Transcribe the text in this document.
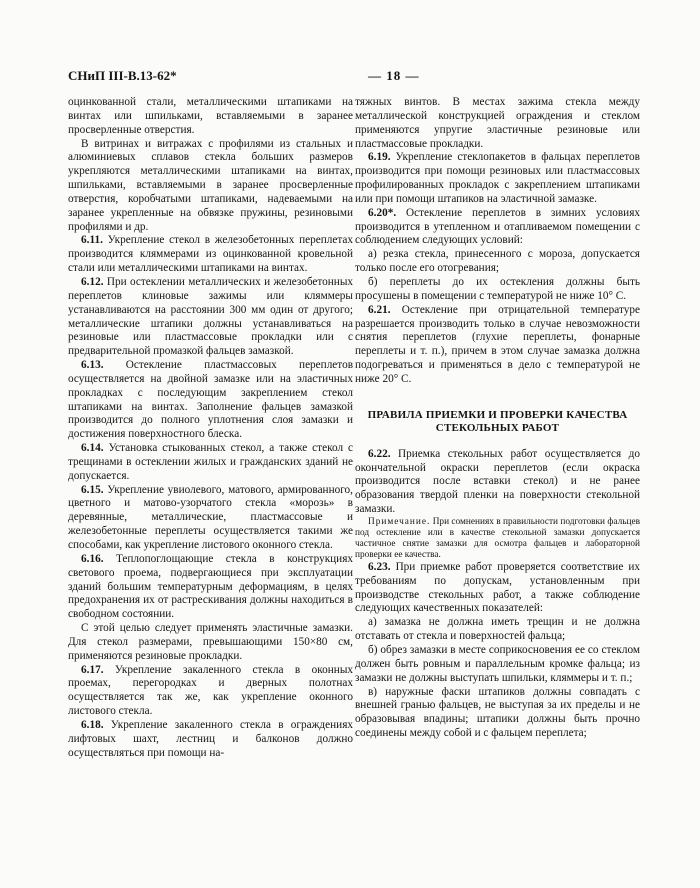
СНиП III-В.13-62*	— 18 —

оцинкованной стали, металлическими штапиками на винтах или шпильками, вставляемыми в заранее просверленные отверстия.

В витринах и витражах с профилями из стальных и алюминиевых сплавов стекла больших размеров укрепляются металлическими штапиками на винтах, шпильками, вставляемыми в заранее просверленные отверстия, коробчатыми штапиками, надеваемыми на заранее укрепленные на обвязке пружины, резиновыми профилями и др.

6.11. Укрепление стекол в железобетонных переплетах производится кляммерами из оцинкованной кровельной стали или металлическими штапиками на винтах.

6.12. При остеклении металлических и железобетонных переплетов клиновые зажимы или кляммеры устанавливаются на расстоянии 300 мм один от другого; металлические штапики должны устанавливаться на резиновые или пластмассовые прокладки или с предварительной промазкой фальцев замазкой.

6.13. Остекление пластмассовых переплетов осуществляется на двойной замазке или на эластичных прокладках с последующим закреплением стекол штапиками на винтах. Заполнение фальцев замазкой производится до полного уплотнения слоя замазки и достижения поверхностного блеска.

6.14. Установка стыкованных стекол, а также стекол с трещинами в остеклении жилых и гражданских зданий не допускается.

6.15. Укрепление увиолевого, матового, армированного, цветного и матово-узорчатого стекла «морозь» в деревянные, металлические, пластмассовые и железобетонные переплеты осуществляется такими же способами, как укрепление листового оконного стекла.

6.16. Теплопоглощающие стекла в конструкциях светового проема, подвергающиеся при эксплуатации зданий большим температурным деформациям, в целях предохранения их от растрескивания должны находиться в свободном состоянии.

С этой целью следует применять эластичные замазки. Для стекол размерами, превышающими 150×80 см, применяются резиновые прокладки.

6.17. Укрепление закаленного стекла в оконных проемах, перегородках и дверных полотнах осуществляется так же, как укрепление оконного листового стекла.

6.18. Укрепление закаленного стекла в ограждениях лифтовых шахт, лестниц и балконов должно осуществляться при помощи на-

тяжных винтов. В местах зажима стекла между металлической конструкцией ограждения и стеклом применяются упругие эластичные резиновые или пластмассовые прокладки.

6.19. Укрепление стеклопакетов в фальцах переплетов производится при помощи резиновых или пластмассовых профилированных прокладок с закреплением штапиками или при помощи штапиков на эластичной замазке.

6.20*. Остекление переплетов в зимних условиях производится в утепленном и отапливаемом помещении с соблюдением следующих условий:

а) резка стекла, принесенного с мороза, допускается только после его отогревания;

б) переплеты до их остекления должны быть просушены в помещении с температурой не ниже 10° С.

6.21. Остекление при отрицательной температуре разрешается производить только в случае невозможности снятия переплетов (глухие переплеты, фонарные переплеты и т. п.), причем в этом случае замазка должна подогреваться и применяться в дело с температурой не ниже 20° С.

ПРАВИЛА ПРИЕМКИ И ПРОВЕРКИ КАЧЕСТВА СТЕКОЛЬНЫХ РАБОТ

6.22. Приемка стекольных работ осуществляется до окончательной окраски переплетов (если окраска производится после вставки стекол) и не ранее образования твердой пленки на поверхности стекольной замазки.

Примечание. При сомнениях в правильности подготовки фальцев под остекление или в качестве стекольной замазки допускается частичное снятие замазки для осмотра фальцев и лабораторной проверки ее качества.

6.23. При приемке работ проверяется соответствие их требованиям по допускам, установленным при производстве стекольных работ, а также соблюдение следующих качественных показателей:

а) замазка не должна иметь трещин и не должна отставать от стекла и поверхностей фальца;

б) обрез замазки в месте соприкосновения ее со стеклом должен быть ровным и параллельным кромке фальца; из замазки не должны выступать шпильки, кляммеры и т. п.;

в) наружные фаски штапиков должны совпадать с внешней гранью фальцев, не выступая за их пределы и не образовывая впадины; штапики должны быть прочно соединены между собой и с фальцем переплета;
